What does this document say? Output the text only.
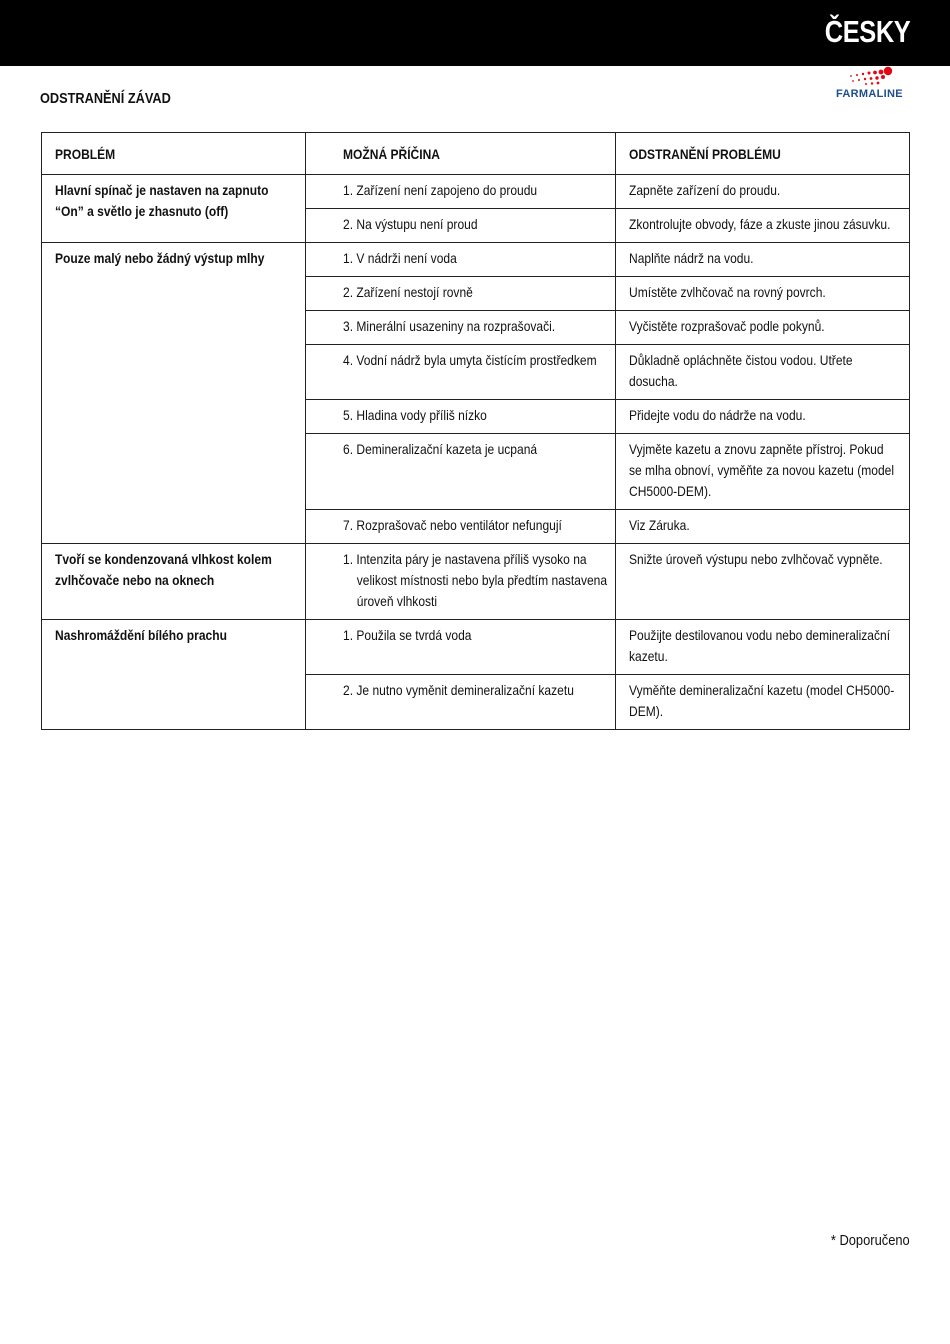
ČESKY
ODSTRANĚNÍ ZÁVAD	FARMALINE
PROBLÉM	MOŽNÁ PŘÍČINA	ODSTRANĚNÍ PROBLÉMU

Hlavní spínač je nastaven na zapnuto “On” a světlo je zhasnuto (off)	1. Zařízení není zapojeno do proudu	Zapněte zařízení do proudu.

	2. Na výstupu není proud	Zkontrolujte obvody, fáze a zkuste jinou zásuvku.

Pouze malý nebo žádný výstup mlhy	1. V nádrži není voda	Naplňte nádrž na vodu.

	2. Zařízení nestojí rovně	Umístěte zvlhčovač na rovný povrch.

	3. Minerální usazeniny na rozprašovači.	Vyčistěte rozprašovač podle pokynů.

	4. Vodní nádrž byla umyta čistícím prostředkem	Důkladně opláchněte čistou vodou. Utřete dosucha.

	5. Hladina vody příliš nízko	Přidejte vodu do nádrže na vodu.

	6. Demineralizační kazeta je ucpaná	Vyjměte kazetu a znovu zapněte přístroj. Pokud se mlha obnoví, vyměňte za novou kazetu (model CH5000-DEM).

	7. Rozprašovač nebo ventilátor nefungují	Viz Záruka.

Tvoří se kondenzovaná vlhkost kolem zvlhčovače nebo na oknech	1. Intenzita páry je nastavena příliš vysoko na velikost místnosti nebo byla předtím nastavena úroveň vlhkosti	Snižte úroveň výstupu nebo zvlhčovač vypněte.

Nashromáždění bílého prachu	1. Použila se tvrdá voda	Použijte destilovanou vodu nebo demineralizační kazetu.

	2. Je nutno vyměnit demineralizační kazetu	Vyměňte demineralizační kazetu (model CH5000-DEM).
* Doporučeno
